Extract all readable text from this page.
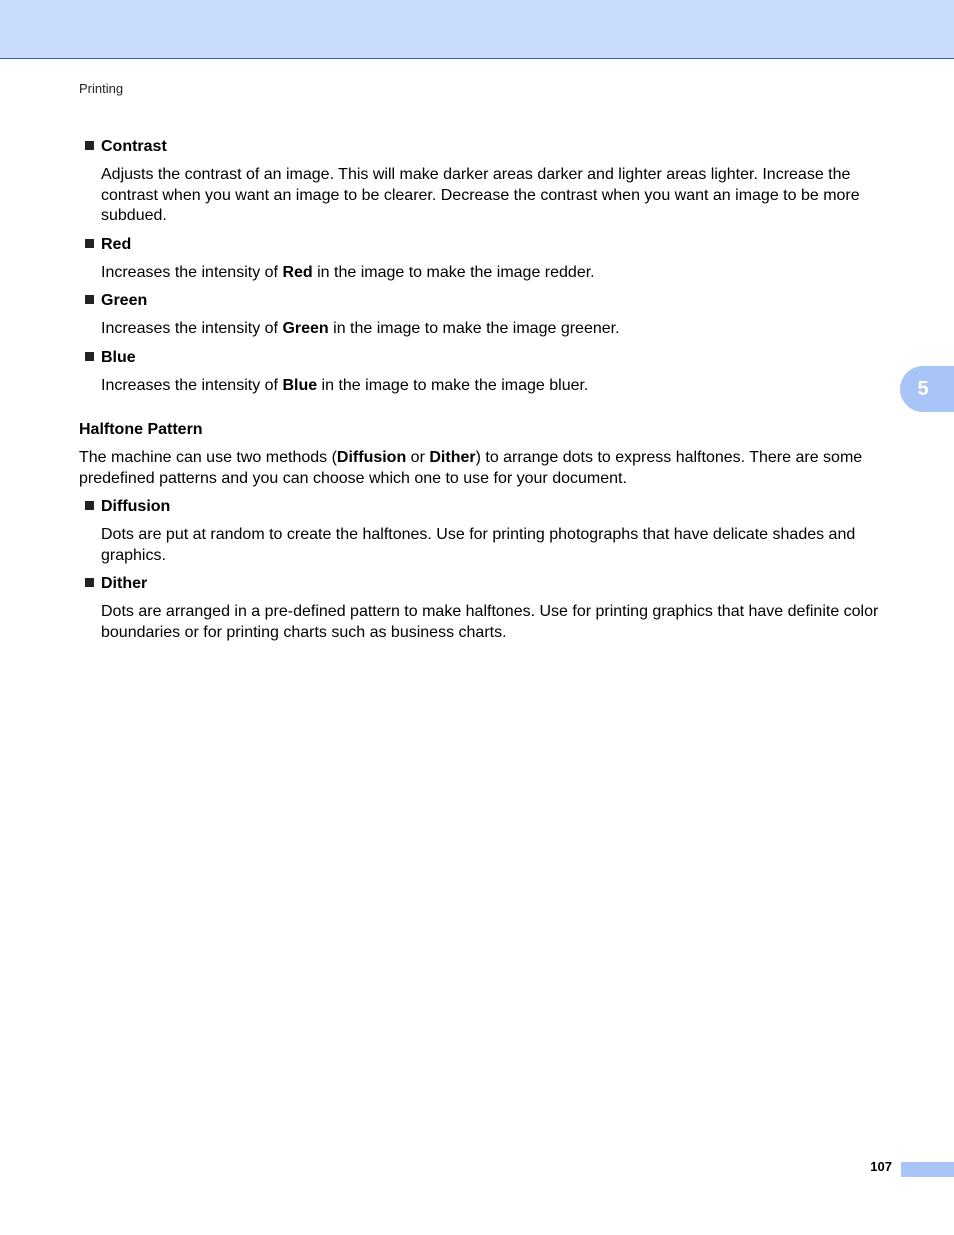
Printing
Contrast
Adjusts the contrast of an image. This will make darker areas darker and lighter areas lighter. Increase the contrast when you want an image to be clearer. Decrease the contrast when you want an image to be more subdued.
Red
Increases the intensity of Red in the image to make the image redder.
Green
Increases the intensity of Green in the image to make the image greener.
Blue
Increases the intensity of Blue in the image to make the image bluer.
Halftone Pattern
The machine can use two methods (Diffusion or Dither) to arrange dots to express halftones. There are some predefined patterns and you can choose which one to use for your document.
Diffusion
Dots are put at random to create the halftones. Use for printing photographs that have delicate shades and graphics.
Dither
Dots are arranged in a pre-defined pattern to make halftones. Use for printing graphics that have definite color boundaries or for printing charts such as business charts.
5
107
